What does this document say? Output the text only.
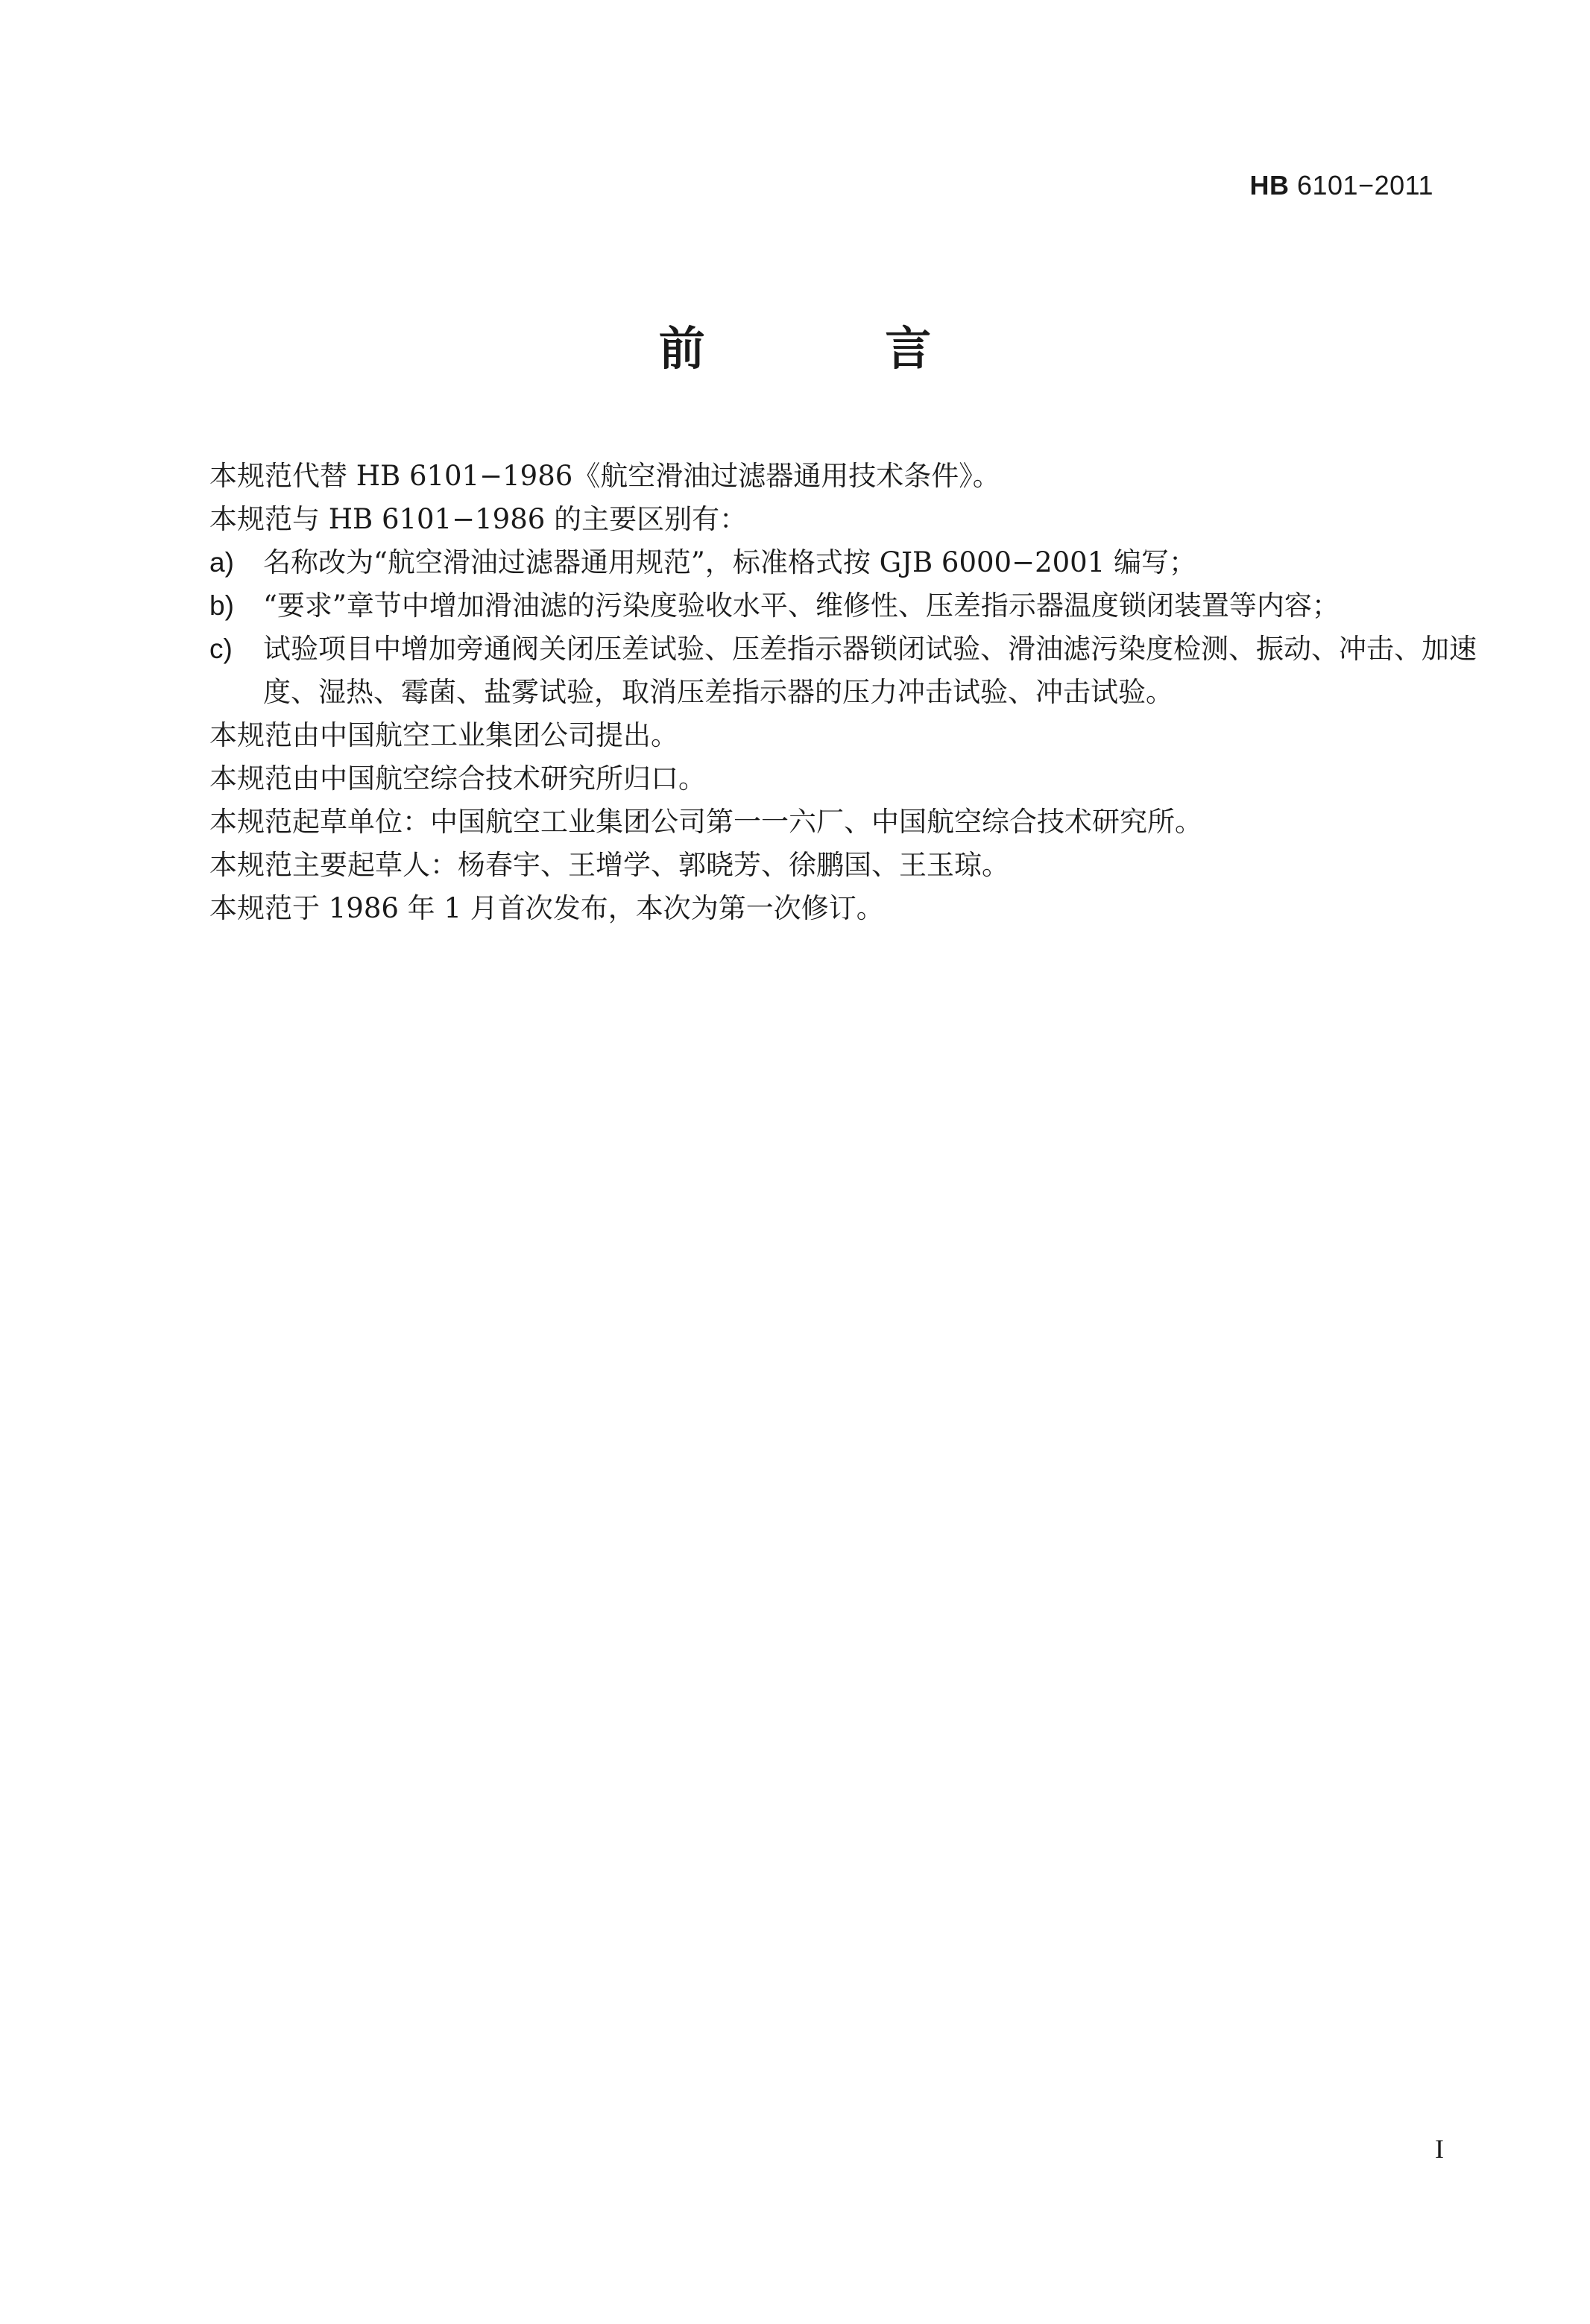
HB 6101−2011
前 言
本规范代替 HB 6101−1986《航空滑油过滤器通用技术条件》。
本规范与 HB 6101−1986 的主要区别有：
a) 名称改为“航空滑油过滤器通用规范”，标准格式按 GJB 6000−2001 编写；
b) “要求”章节中增加滑油滤的污染度验收水平、维修性、压差指示器温度锁闭装置等内容；
c) 试验项目中增加旁通阀关闭压差试验、压差指示器锁闭试验、滑油滤污染度检测、振动、冲击、加速度、湿热、霉菌、盐雾试验，取消压差指示器的压力冲击试验、冲击试验。
本规范由中国航空工业集团公司提出。
本规范由中国航空综合技术研究所归口。
本规范起草单位：中国航空工业集团公司第一一六厂、中国航空综合技术研究所。
本规范主要起草人：杨春宇、王增学、郭晓芳、徐鹏国、王玉琼。
本规范于 1986 年 1 月首次发布，本次为第一次修订。
I
